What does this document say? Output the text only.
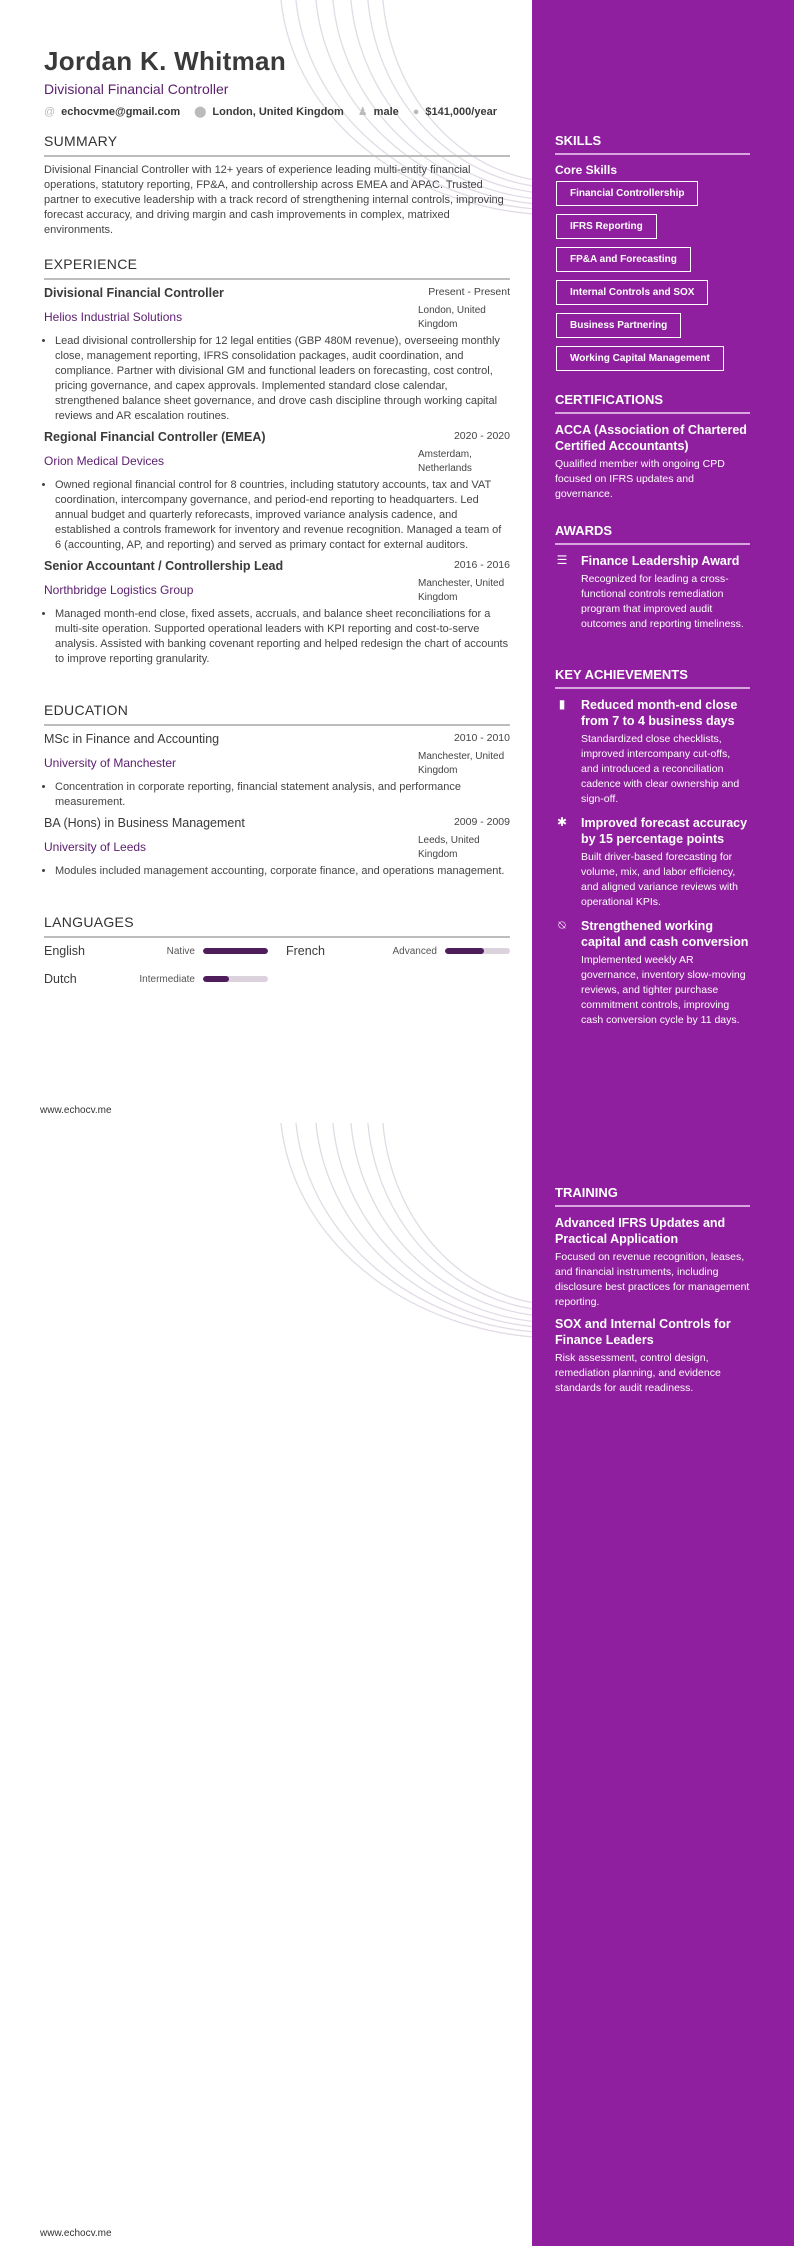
Jordan K. Whitman
Divisional Financial Controller
@ echocvme@gmail.com ⬤ London, United Kingdom ♟ male ● $141,000/year
SUMMARY
Divisional Financial Controller with 12+ years of experience leading multi-entity financial operations, statutory reporting, FP&A, and controllership across EMEA and APAC. Trusted partner to executive leadership with a track record of strengthening internal controls, improving forecast accuracy, and driving margin and cash improvements in complex, matrixed environments.
EXPERIENCE
Divisional Financial Controller	Present - Present
Helios Industrial Solutions	London, United Kingdom
• Lead divisional controllership for 12 legal entities (GBP 480M revenue), overseeing monthly close, management reporting, IFRS consolidation packages, audit coordination, and compliance. Partner with divisional GM and functional leaders on forecasting, cost control, pricing governance, and capex approvals. Implemented standard close calendar, strengthened balance sheet governance, and drove cash discipline through working capital reviews and AR escalation routines.
Regional Financial Controller (EMEA)	2020 - 2020
Orion Medical Devices	Amsterdam, Netherlands
• Owned regional financial control for 8 countries, including statutory accounts, tax and VAT coordination, intercompany governance, and period-end reporting to headquarters. Led annual budget and quarterly reforecasts, improved variance analysis cadence, and established a controls framework for inventory and revenue recognition. Managed a team of 6 (accounting, AP, and reporting) and served as primary contact for external auditors.
Senior Accountant / Controllership Lead	2016 - 2016
Northbridge Logistics Group	Manchester, United Kingdom
• Managed month-end close, fixed assets, accruals, and balance sheet reconciliations for a multi-site operation. Supported operational leaders with KPI reporting and cost-to-serve analysis. Assisted with banking covenant reporting and helped redesign the chart of accounts to improve reporting granularity.
EDUCATION
MSc in Finance and Accounting	2010 - 2010
University of Manchester	Manchester, United Kingdom
• Concentration in corporate reporting, financial statement analysis, and performance measurement.
BA (Hons) in Business Management	2009 - 2009
University of Leeds	Leeds, United Kingdom
• Modules included management accounting, corporate finance, and operations management.
LANGUAGES
English	Native	French	Advanced
Dutch	Intermediate
www.echocv.me
www.echocv.me
SKILLS
Core Skills
Financial Controllership
IFRS Reporting
FP&A and Forecasting
Internal Controls and SOX
Business Partnering
Working Capital Management
CERTIFICATIONS
ACCA (Association of Chartered Certified Accountants)
Qualified member with ongoing CPD focused on IFRS updates and governance.
AWARDS
☰ Finance Leadership Award
Recognized for leading a cross-functional controls remediation program that improved audit outcomes and reporting timeliness.
KEY ACHIEVEMENTS
▮ Reduced month-end close from 7 to 4 business days
Standardized close checklists, improved intercompany cut-offs, and introduced a reconciliation cadence with clear ownership and sign-off.
✱ Improved forecast accuracy by 15 percentage points
Built driver-based forecasting for volume, mix, and labor efficiency, and aligned variance reviews with operational KPIs.
⍉ Strengthened working capital and cash conversion
Implemented weekly AR governance, inventory slow-moving reviews, and tighter purchase commitment controls, improving cash conversion cycle by 11 days.
TRAINING
Advanced IFRS Updates and Practical Application
Focused on revenue recognition, leases, and financial instruments, including disclosure best practices for management reporting.
SOX and Internal Controls for Finance Leaders
Risk assessment, control design, remediation planning, and evidence standards for audit readiness.
